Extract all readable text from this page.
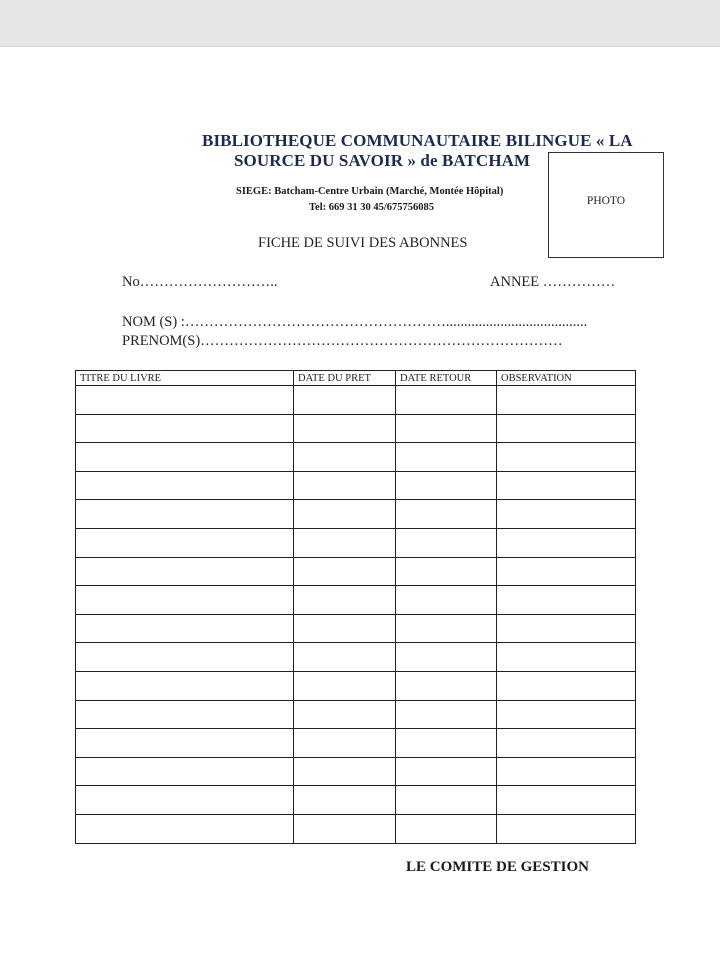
BIBLIOTHEQUE COMMUNAUTAIRE BILINGUE « LA
SOURCE DU SAVOIR » de BATCHAM
SIEGE: Batcham-Centre Urbain (Marché, Montée Hôpital)
Tel: 669 31 30 45/675756085
PHOTO
FICHE DE SUIVI DES ABONNES
No………………………..	ANNEE ……………
NOM (S) :……………………………………………….......................................
PRENOM(S)…………………………………………………………………
TITRE DU LIVRE	DATE DU PRET	DATE RETOUR	OBSERVATION

LE COMITE DE GESTION
